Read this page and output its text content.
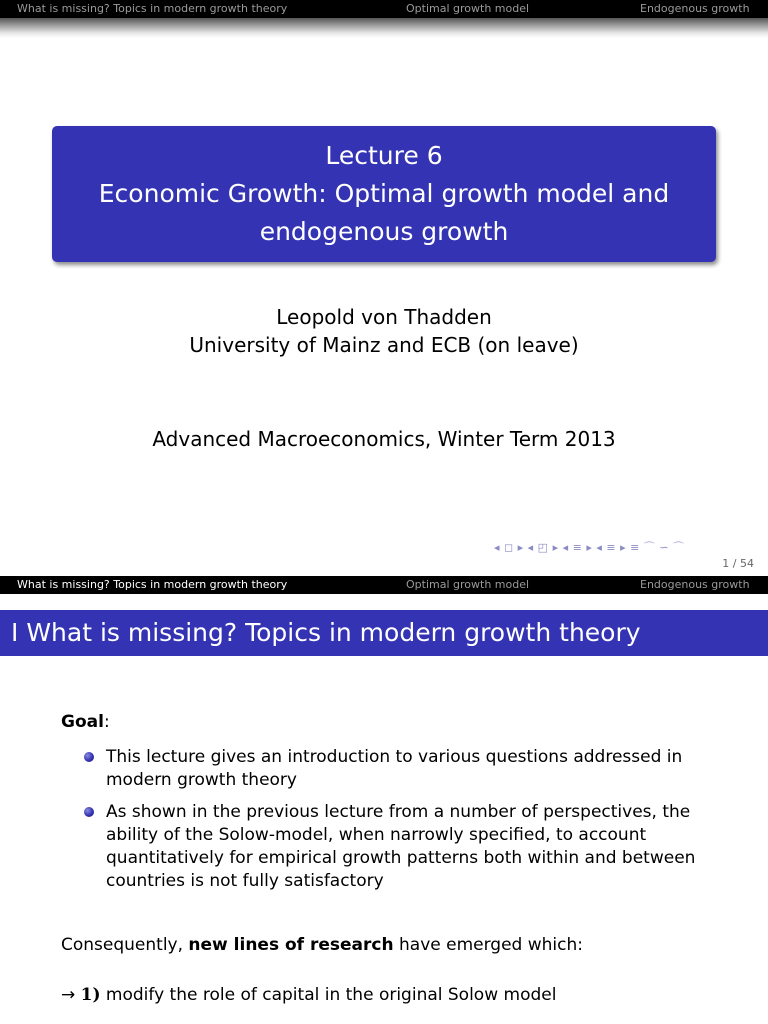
What is missing? Topics in modern growth theory	Optimal growth model	Endogenous growth
Lecture 6
Economic Growth: Optimal growth model and
endogenous growth
Leopold von Thadden
University of Mainz and ECB (on leave)
Advanced Macroeconomics, Winter Term 2013
◂ ◻ ▸ ◂ ◰ ▸ ◂ ≡ ▸ ◂ ≡ ▸ ≡ ⌒ ∽ ⌒
1 / 54
What is missing? Topics in modern growth theory	Optimal growth model	Endogenous growth
I What is missing? Topics in modern growth theory
Goal:
This lecture gives an introduction to various questions addressed in modern growth theory
As shown in the previous lecture from a number of perspectives, the ability of the Solow-model, when narrowly specified, to account quantitatively for empirical growth patterns both within and between countries is not fully satisfactory
Consequently, new lines of research have emerged which:
→ 1) modify the role of capital in the original Solow model
